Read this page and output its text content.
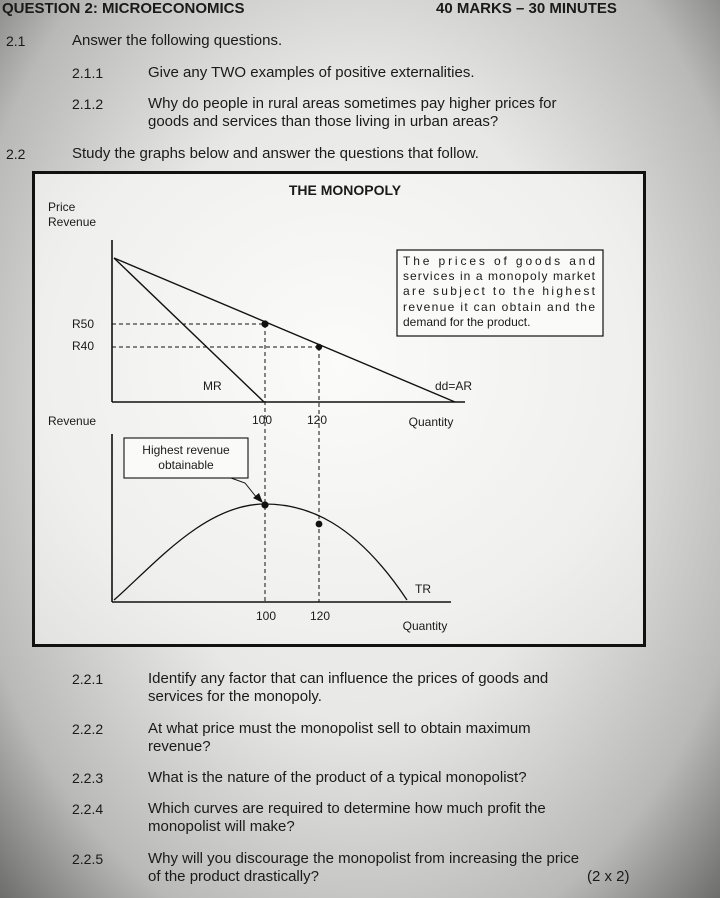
QUESTION 2: MICROECONOMICS	40 MARKS – 30 MINUTES
2.1	Answer the following questions.
2.1.1	Give any TWO examples of positive externalities.
2.1.2	Why do people in rural areas sometimes pay higher prices for
goods and services than those living in urban areas?
2.2	Study the graphs below and answer the questions that follow.
THE MONOPOLY
Price
Revenue
R50
R40
MR	dd=AR
100	120
Revenue	Quantity
The prices of goods and
services in a monopoly market
are subject to the highest
revenue it can obtain and the
demand for the product.
Highest revenue
obtainable
TR
100	120
Quantity
2.2.1	Identify any factor that can influence the prices of goods and
services for the monopoly.
2.2.2	At what price must the monopolist sell to obtain maximum
revenue?
2.2.3	What is the nature of the product of a typical monopolist?
2.2.4	Which curves are required to determine how much profit the
monopolist will make?
2.2.5	Why will you discourage the monopolist from increasing the price
of the product drastically?	(2 x 2)
